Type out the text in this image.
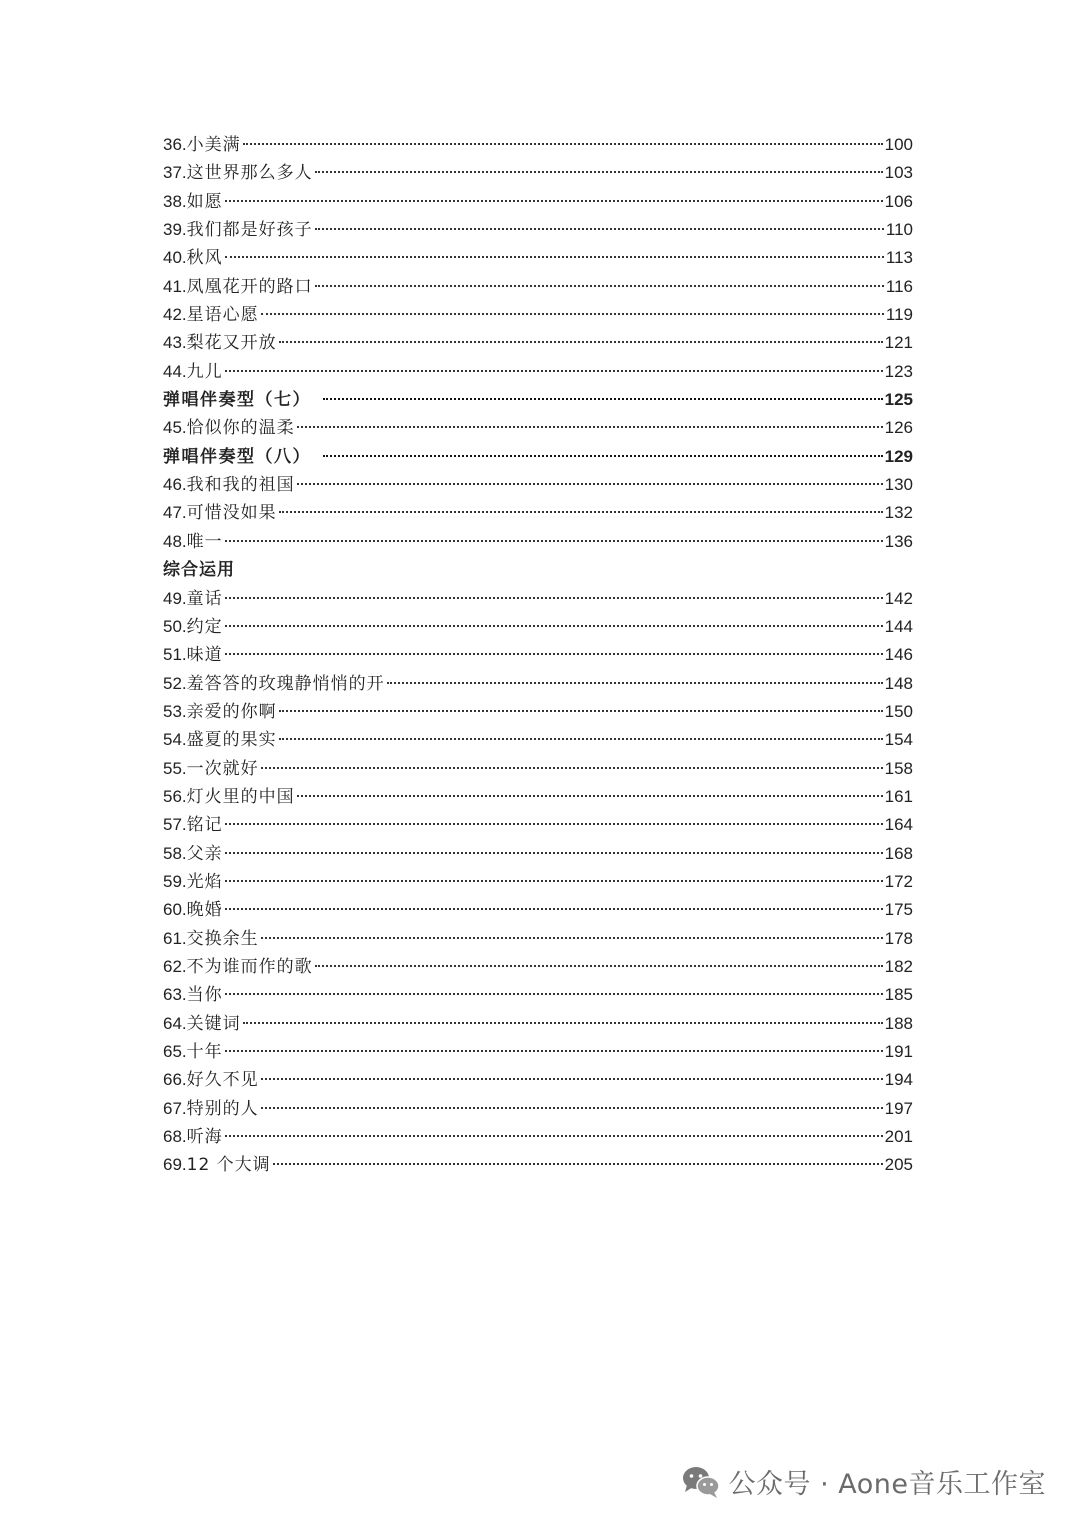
36. 小美满	100
37. 这世界那么多人	103
38. 如愿	106
39. 我们都是好孩子	110
40. 秋风	113
41. 凤凰花开的路口	116
42. 星语心愿	119
43. 梨花又开放	121
44. 九儿	123
弹唱伴奏型（七）	125
45. 恰似你的温柔	126
弹唱伴奏型（八）	129
46. 我和我的祖国	130
47. 可惜没如果	132
48. 唯一	136
综合运用
49. 童话	142
50. 约定	144
51. 味道	146
52. 羞答答的玫瑰静悄悄的开	148
53. 亲爱的你啊	150
54. 盛夏的果实	154
55. 一次就好	158
56. 灯火里的中国	161
57. 铭记	164
58. 父亲	168
59. 光焰	172
60. 晚婚	175
61. 交换余生	178
62. 不为谁而作的歌	182
63. 当你	185
64. 关键词	188
65. 十年	191
66. 好久不见	194
67. 特别的人	197
68. 听海	201
69. 12 个大调	205
公众号 · Aone音乐工作室
